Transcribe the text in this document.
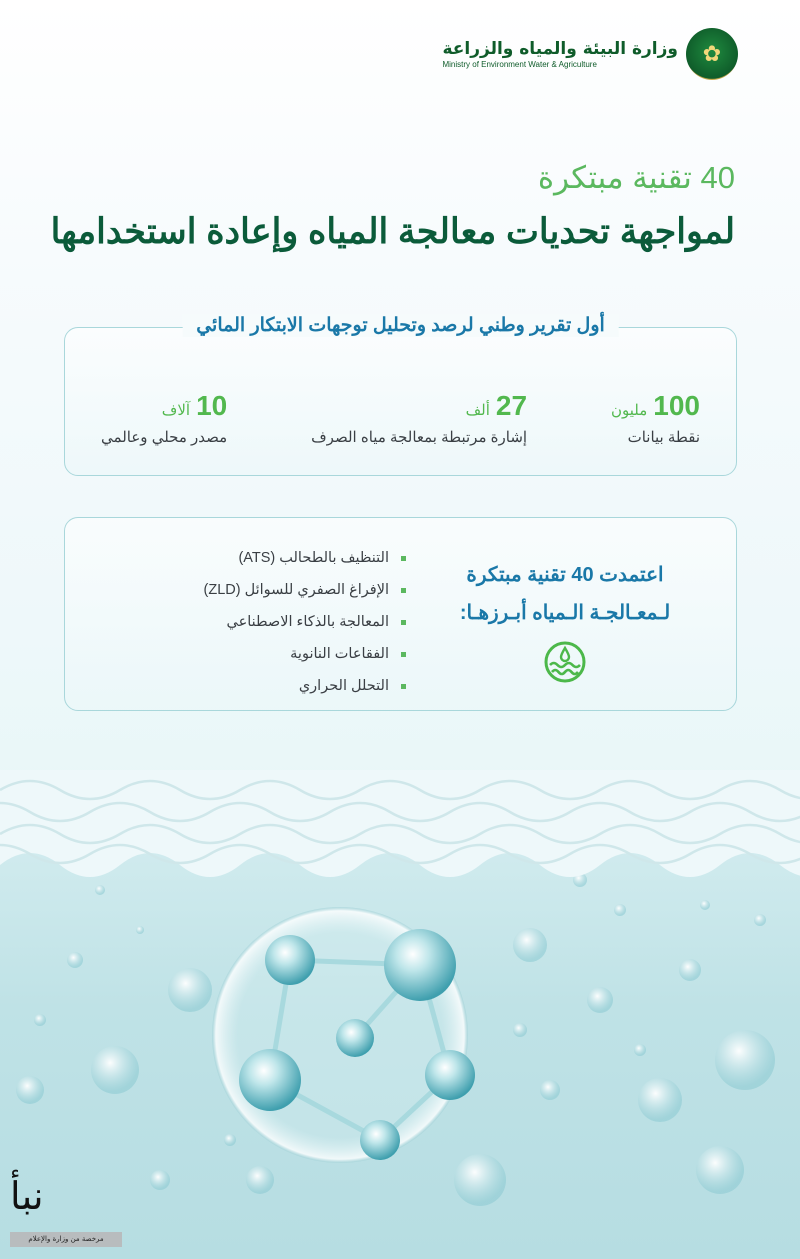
✿
وزارة البيئة والمياه والزراعة
Ministry of Environment Water & Agriculture
40 تقنية مبتكرة
لمواجهة تحديات معالجة المياه وإعادة استخدامها
أول تقرير وطني لرصد وتحليل توجهات الابتكار المائي
100
مليون
نقطة بيانات
27
ألف
إشارة مرتبطة بمعالجة مياه الصرف
10
آلاف
مصدر محلي وعالمي
اعتمدت 40 تقنية مبتكرة
لـمعـالجـة الـمياه أبـرزهـا:
التنظيف بالطحالب (ATS)
الإفراغ الصفري للسوائل (ZLD)
المعالجة بالذكاء الاصطناعي
الفقاعات النانوية
التحلل الحراري
نبأ
مرخصة من وزارة والإعلام
